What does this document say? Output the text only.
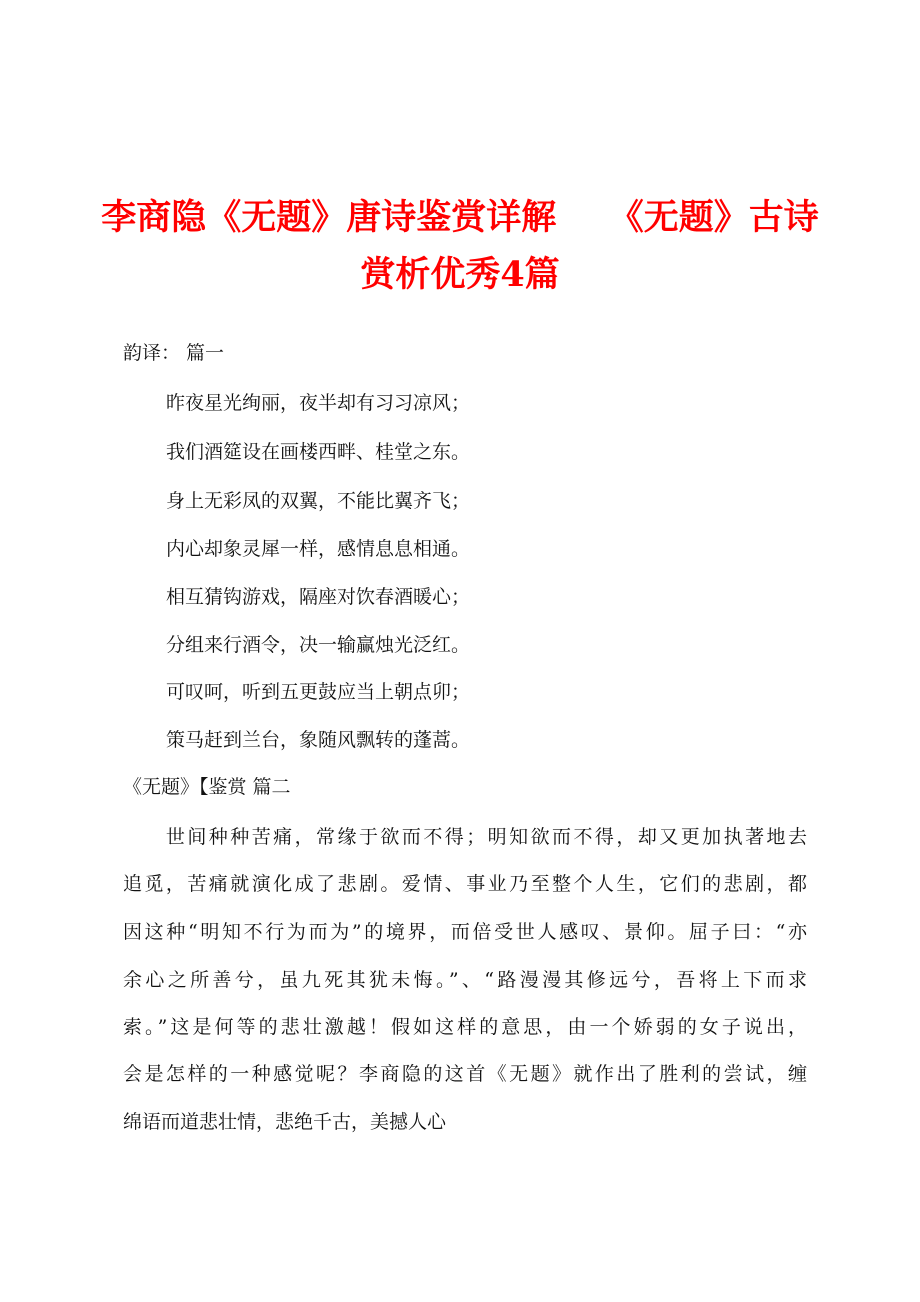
李商隐《无题》唐诗鉴赏详解　　《无题》古诗
赏析优秀4篇
韵译： 篇一
昨夜星光绚丽，夜半却有习习凉风；
我们酒筵设在画楼西畔、桂堂之东。
身上无彩凤的双翼，不能比翼齐飞；
内心却象灵犀一样，感情息息相通。
相互猜钩游戏，隔座对饮春酒暖心；
分组来行酒令，决一输赢烛光泛红。
可叹呵，听到五更鼓应当上朝点卯；
策马赶到兰台，象随风飘转的蓬蒿。
《无题》【鉴赏 篇二
　　世间种种苦痛，常缘于欲而不得；明知欲而不得，却又更加执著地去
追觅，苦痛就演化成了悲剧。爱情、事业乃至整个人生，它们的悲剧，都
因这种“明知不行为而为”的境界，而倍受世人感叹、景仰。屈子曰：“亦
余心之所善兮，虽九死其犹未悔。”、“路漫漫其修远兮，吾将上下而求
索。”这是何等的悲壮激越！假如这样的意思，由一个娇弱的女子说出，
会是怎样的一种感觉呢？李商隐的这首《无题》就作出了胜利的尝试，缠
绵语而道悲壮情，悲绝千古，美撼人心
